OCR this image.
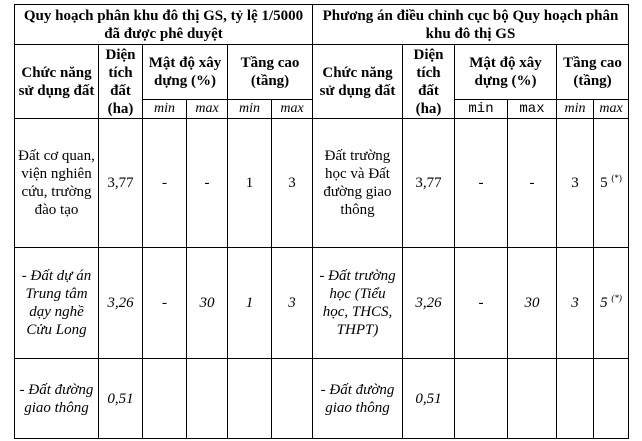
Quy hoạch phân khu đô thị GS, tỷ lệ 1/5000 đã được phê duyệt						Phương án điều chỉnh cục bộ Quy hoạch phân khu đô thị GS					
Chức năng sử dụng đất	Diện tích đất (ha)	Mật độ xây dựng (%)		Tầng cao (tầng)		Chức năng sử dụng đất	Diện tích đất (ha)	Mật độ xây dựng (%)		Tầng cao (tầng)	
		min	max	min	max			min	max	min	max
Đất cơ quan, viện nghiên cứu, trường đào tạo	3,77	-	-	1	3	Đất trường học và Đất đường giao thông	3,77	-	-	3	5 (*)
- Đất dự án Trung tâm dạy nghề Cửu Long	3,26	-	30	1	3	- Đất trường học (Tiểu học, THCS, THPT)	3,26	-	30	3	5 (*)
- Đất đường giao thông	0,51					- Đất đường giao thông	0,51				
